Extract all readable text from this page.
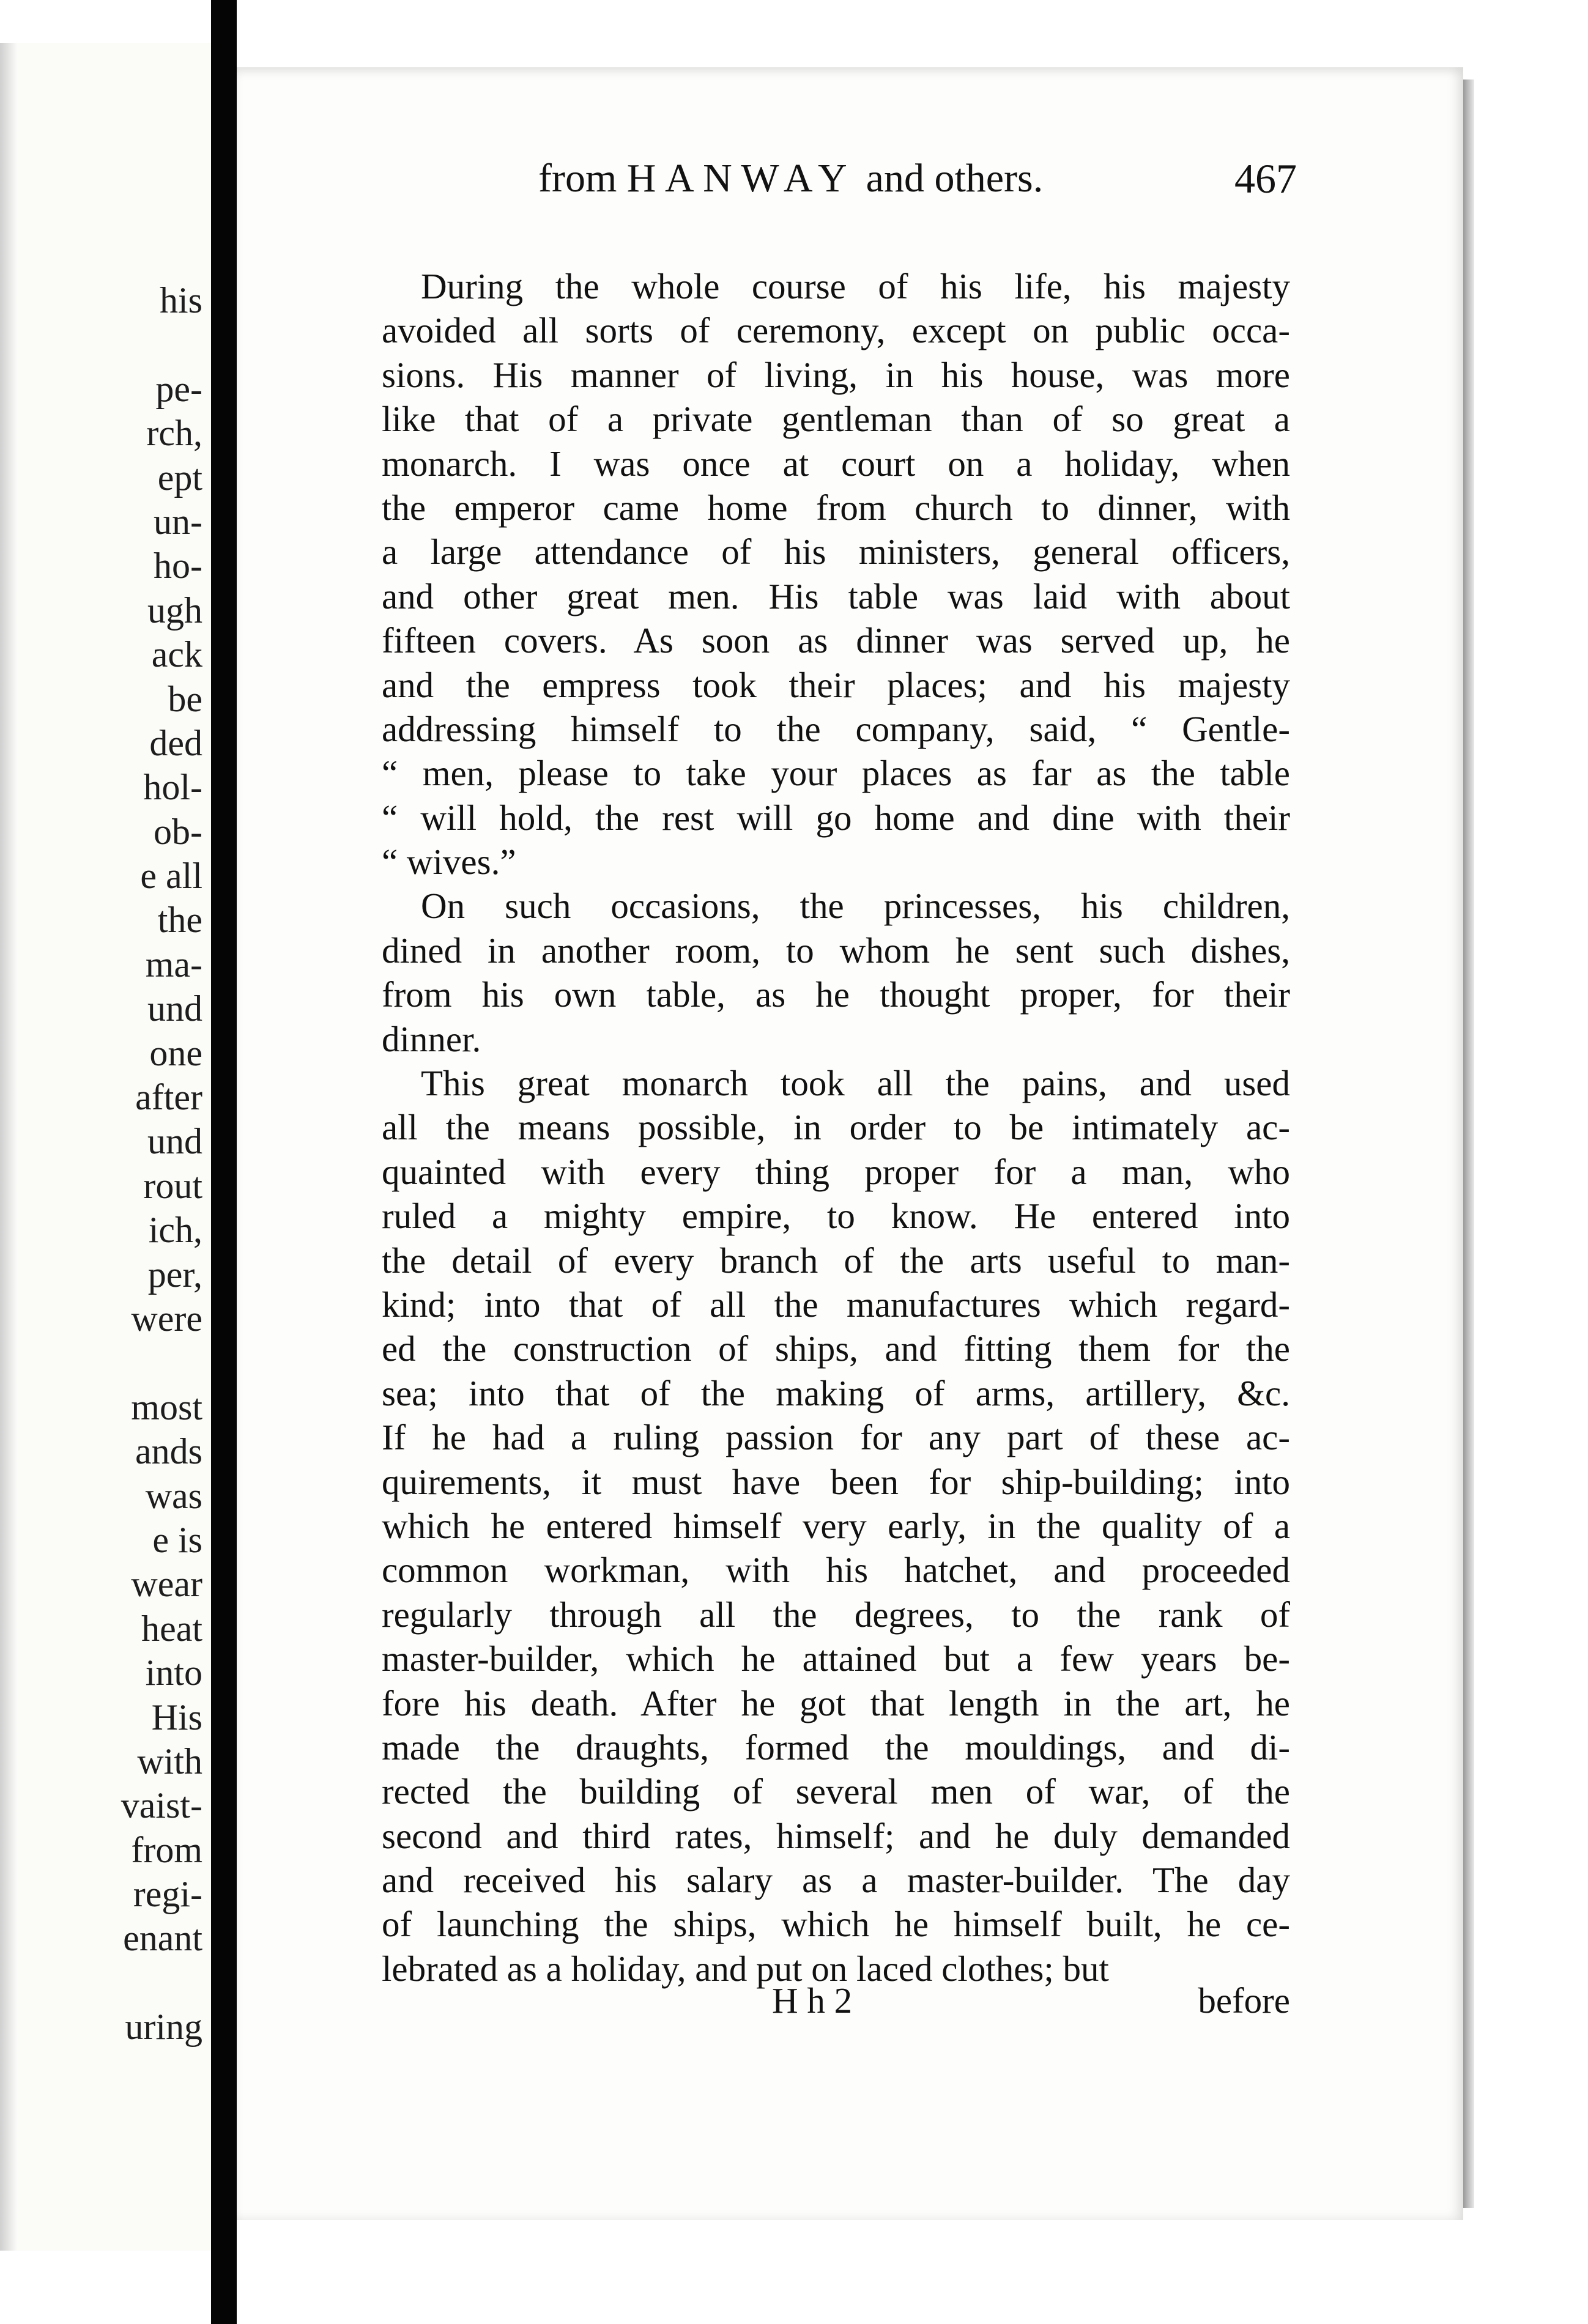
his
pe-
rch,
ept
un-
ho-
ugh
ack
be
ded
hol-
ob-
e all
the
ma-
und
one
after
und
rout
ich,
per,
were
most
ands
was
e is
wear
heat
into
His
with
vaist-
from
regi-
enant
uring
from HANWAY and others.	467

During the whole course of his life, his majesty
avoided all sorts of ceremony, except on public occa-
sions. His manner of living, in his house, was more
like that of a private gentleman than of so great a
monarch. I was once at court on a holiday, when
the emperor came home from church to dinner, with
a large attendance of his ministers, general officers,
and other great men. His table was laid with about
fifteen covers. As soon as dinner was served up, he
and the empress took their places; and his majesty
addressing himself to the company, said, “ Gentle-
“ men, please to take your places as far as the table
“ will hold, the rest will go home and dine with their
“ wives.”

On such occasions, the princesses, his children,
dined in another room, to whom he sent such dishes,
from his own table, as he thought proper, for their
dinner.

This great monarch took all the pains, and used
all the means possible, in order to be intimately ac-
quainted with every thing proper for a man, who
ruled a mighty empire, to know. He entered into
the detail of every branch of the arts useful to man-
kind; into that of all the manufactures which regard-
ed the construction of ships, and fitting them for the
sea; into that of the making of arms, artillery, &c.
If he had a ruling passion for any part of these ac-
quirements, it must have been for ship-building; into
which he entered himself very early, in the quality of a
common workman, with his hatchet, and proceeded
regularly through all the degrees, to the rank of
master-builder, which he attained but a few years be-
fore his death. After he got that length in the art, he
made the draughts, formed the mouldings, and di-
rected the building of several men of war, of the
second and third rates, himself; and he duly demanded
and received his salary as a master-builder. The day
of launching the ships, which he himself built, he ce-
lebrated as a holiday, and put on laced clothes; but

H h 2	before
